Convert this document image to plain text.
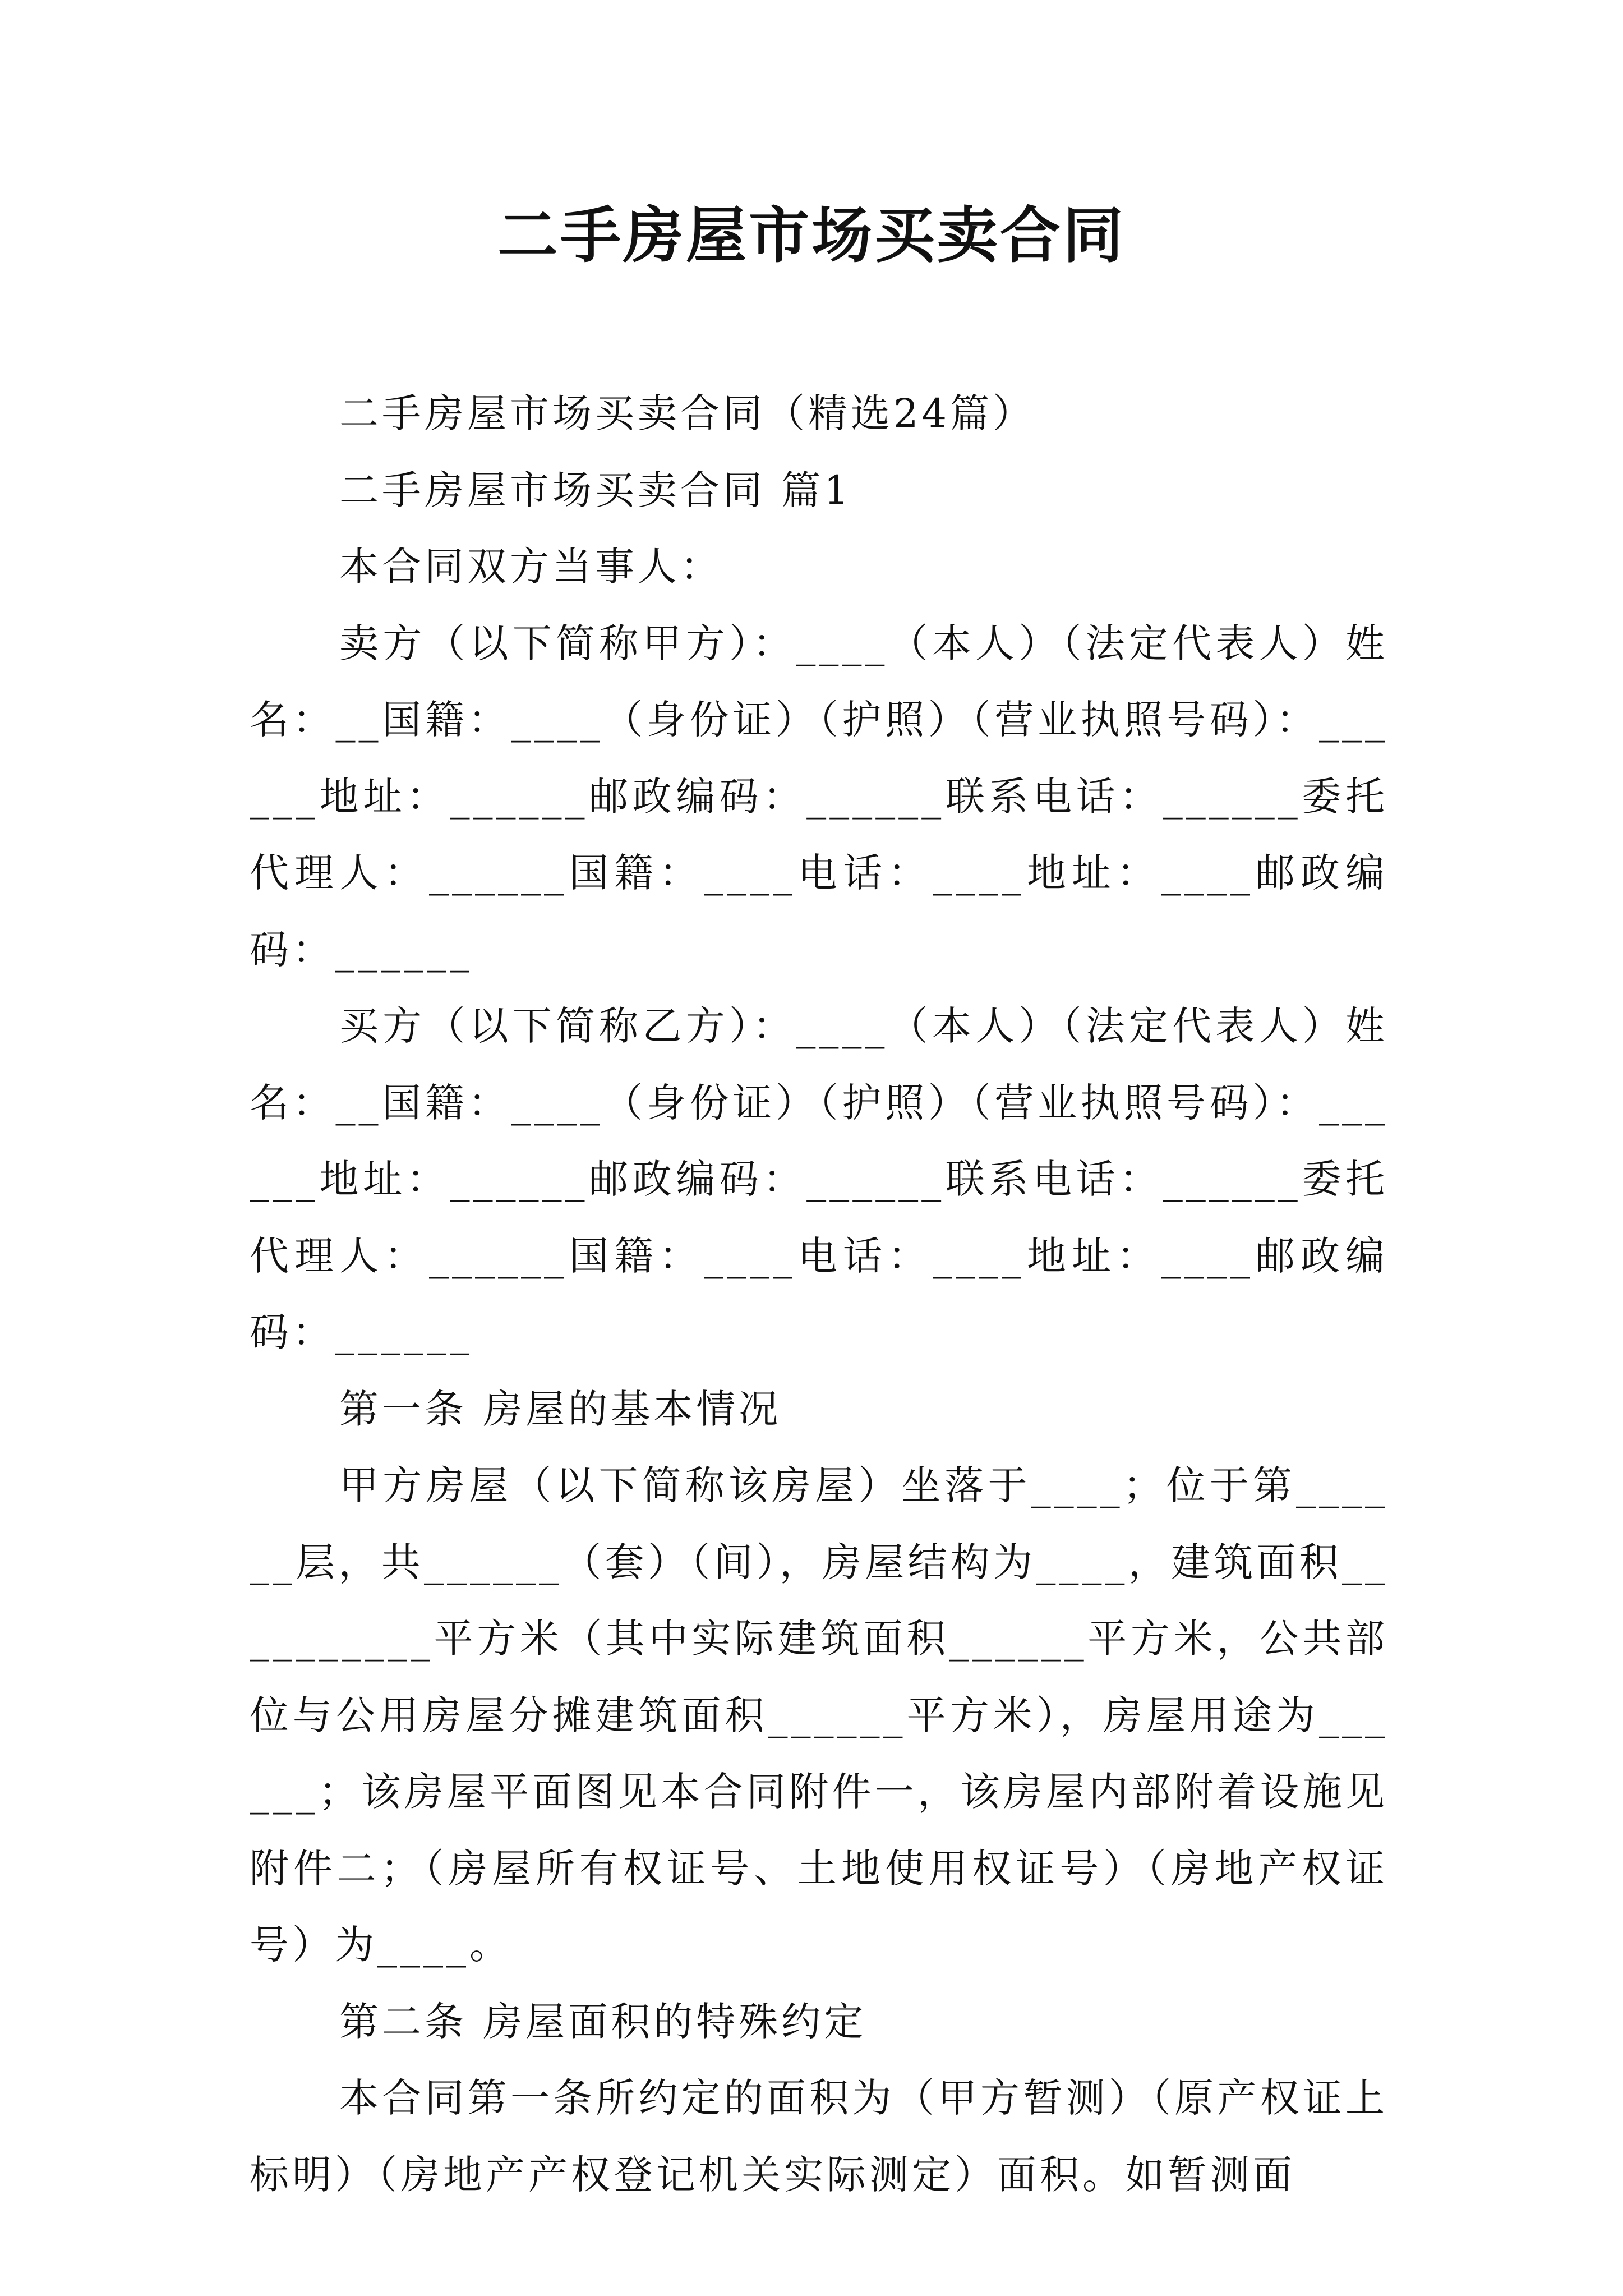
二手房屋市场买卖合同

二手房屋市场买卖合同（精选24篇）

二手房屋市场买卖合同 篇1

本合同双方当事人：

卖方（以下简称甲方）：____（本人）（法定代表人）姓名：__国籍：____（身份证）（护照）（营业执照号码）：______地址：______邮政编码：______联系电话：______委托代理人：______国籍：____电话：____地址：____邮政编码：______

买方（以下简称乙方）：____（本人）（法定代表人）姓名：__国籍：____（身份证）（护照）（营业执照号码）：______地址：______邮政编码：______联系电话：______委托代理人：______国籍：____电话：____地址：____邮政编码：______

第一条 房屋的基本情况

甲方房屋（以下简称该房屋）坐落于____；位于第______层，共______（套）（间），房屋结构为____，建筑面积__________平方米（其中实际建筑面积______平方米，公共部位与公用房屋分摊建筑面积______平方米），房屋用途为______；该房屋平面图见本合同附件一，该房屋内部附着设施见附件二；（房屋所有权证号、土地使用权证号）（房地产权证号）为____。

第二条 房屋面积的特殊约定

本合同第一条所约定的面积为（甲方暂测）（原产权证上标明）（房地产产权登记机关实际测定）面积。如暂测面
